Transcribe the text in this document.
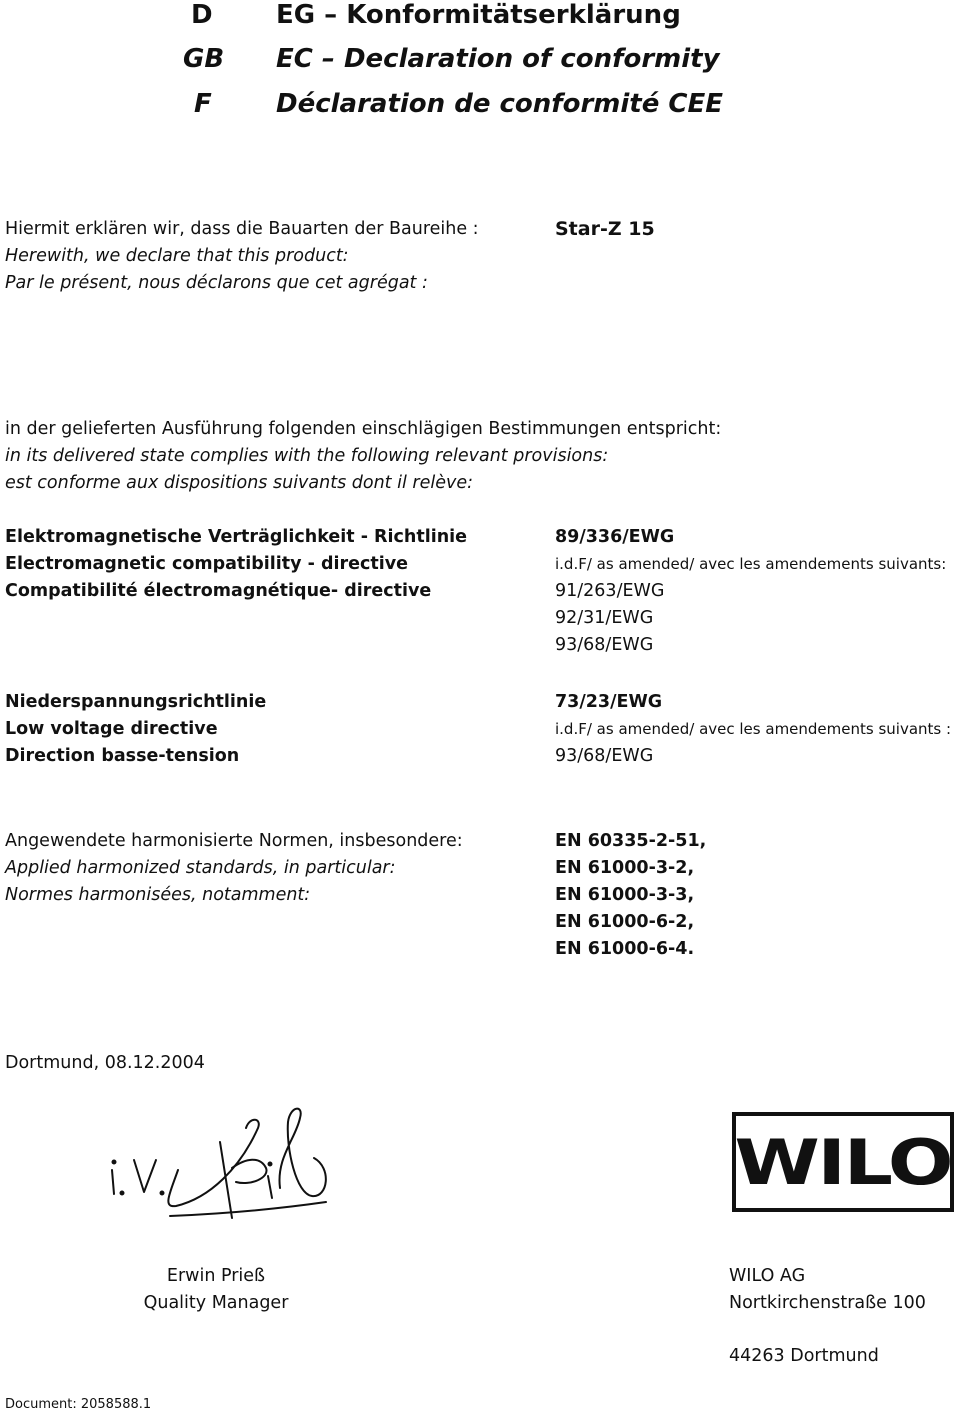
D EG – Konformitätserklärung
GB EC – Declaration of conformity
F Déclaration de conformité CEE
Hiermit erklären wir, dass die Bauarten der Baureihe :
Herewith, we declare that this product:
Par le présent, nous déclarons que cet agrégat :
Star-Z 15
in der gelieferten Ausführung folgenden einschlägigen Bestimmungen entspricht:
in its delivered state complies with the following relevant provisions:
est conforme aux dispositions suivants dont il relève:
Elektromagnetische Verträglichkeit - Richtlinie
Electromagnetic compatibility - directive
Compatibilité électromagnétique- directive
89/336/EWG
i.d.F/ as amended/ avec les amendements suivants:
91/263/EWG
92/31/EWG
93/68/EWG
Niederspannungsrichtlinie
Low voltage directive
Direction basse-tension
73/23/EWG
i.d.F/ as amended/ avec les amendements suivants :
93/68/EWG
Angewendete harmonisierte Normen, insbesondere:
Applied harmonized standards, in particular:
Normes harmonisées, notamment:
EN 60335-2-51,
EN 61000-3-2,
EN 61000-3-3,
EN 61000-6-2,
EN 61000-6-4.
Dortmund, 08.12.2004
WILO
Erwin Prieß
Quality Manager
WILO AG
Nortkirchenstraße 100
44263 Dortmund
Document: 2058588.1
